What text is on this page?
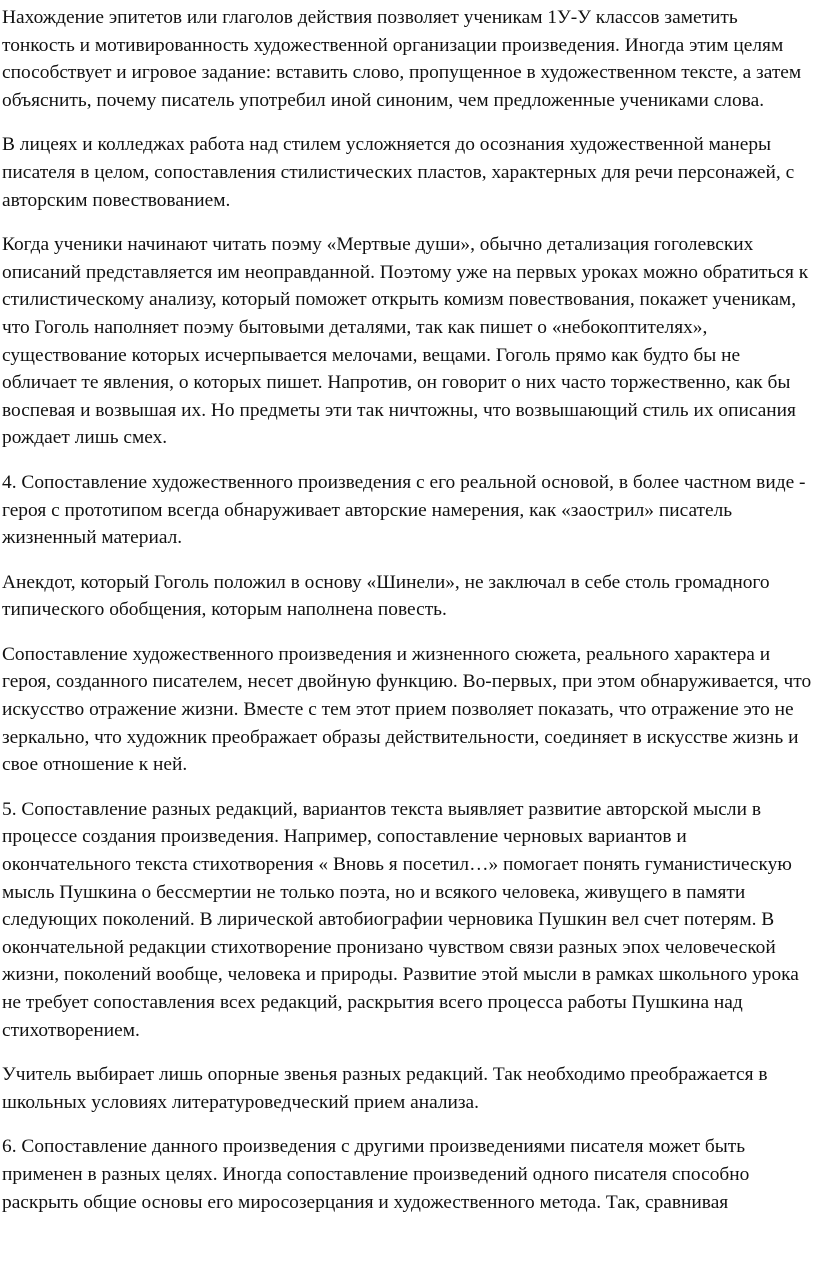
Нахождение эпитетов или глаголов действия позволяет ученикам 1У-У классов заметить тонкость и мотивированность художественной организации произведения. Иногда этим целям способствует и игровое задание: вставить слово, пропущенное в художественном тексте, а затем объяснить, почему писатель употребил иной синоним, чем предложенные учениками слова.

В лицеях и колледжах работа над стилем усложняется до осознания художественной манеры писателя в целом, сопоставления стилистических пластов, характерных для речи персонажей, с авторским повествованием.

Когда ученики начинают читать поэму «Мертвые души», обычно детализация гоголевских описаний представляется им неоправданной. Поэтому уже на первых уроках можно обратиться к стилистическому анализу, который поможет открыть комизм повествования, покажет ученикам, что Гоголь наполняет поэму бытовыми деталями, так как пишет о «небокоптителях», существование которых исчерпывается мелочами, вещами. Гоголь прямо как будто бы не обличает те явления, о которых пишет. Напротив, он говорит о них часто торжественно, как бы воспевая и возвышая их. Но предметы эти так ничтожны, что возвышающий стиль их описания рождает лишь смех.

4. Сопоставление художественного произведения с его реальной основой, в более частном виде - героя с прототипом всегда обнаруживает авторские намерения, как «заострил» писатель жизненный материал.

Анекдот, который Гоголь положил в основу «Шинели», не заключал в себе столь громадного типического обобщения, которым наполнена повесть.

Сопоставление художественного произведения и жизненного сюжета, реального характера и героя, созданного писателем, несет двойную функцию. Во-первых, при этом обнаруживается, что искусство отражение жизни. Вместе с тем этот прием позволяет показать, что отражение это не зеркально, что художник преображает образы действительности, соединяет в искусстве жизнь и свое отношение к ней.

5. Сопоставление разных редакций, вариантов текста выявляет развитие авторской мысли в процессе создания произведения. Например, сопоставление черновых вариантов и окончательного текста стихотворения « Вновь я посетил…» помогает понять гуманистическую мысль Пушкина о бессмертии не только поэта, но и всякого человека, живущего в памяти следующих поколений. В лирической автобиографии черновика Пушкин вел счет потерям. В окончательной редакции стихотворение пронизано чувством связи разных эпох человеческой жизни, поколений вообще, человека и природы. Развитие этой мысли в рамках школьного урока не требует сопоставления всех редакций, раскрытия всего процесса работы Пушкина над стихотворением.

Учитель выбирает лишь опорные звенья разных редакций. Так необходимо преображается в школьных условиях литературоведческий прием анализа.

6. Сопоставление данного произведения с другими произведениями писателя может быть применен в разных целях. Иногда сопоставление произведений одного писателя способно раскрыть общие основы его миросозерцания и художественного метода. Так, сравнивая
